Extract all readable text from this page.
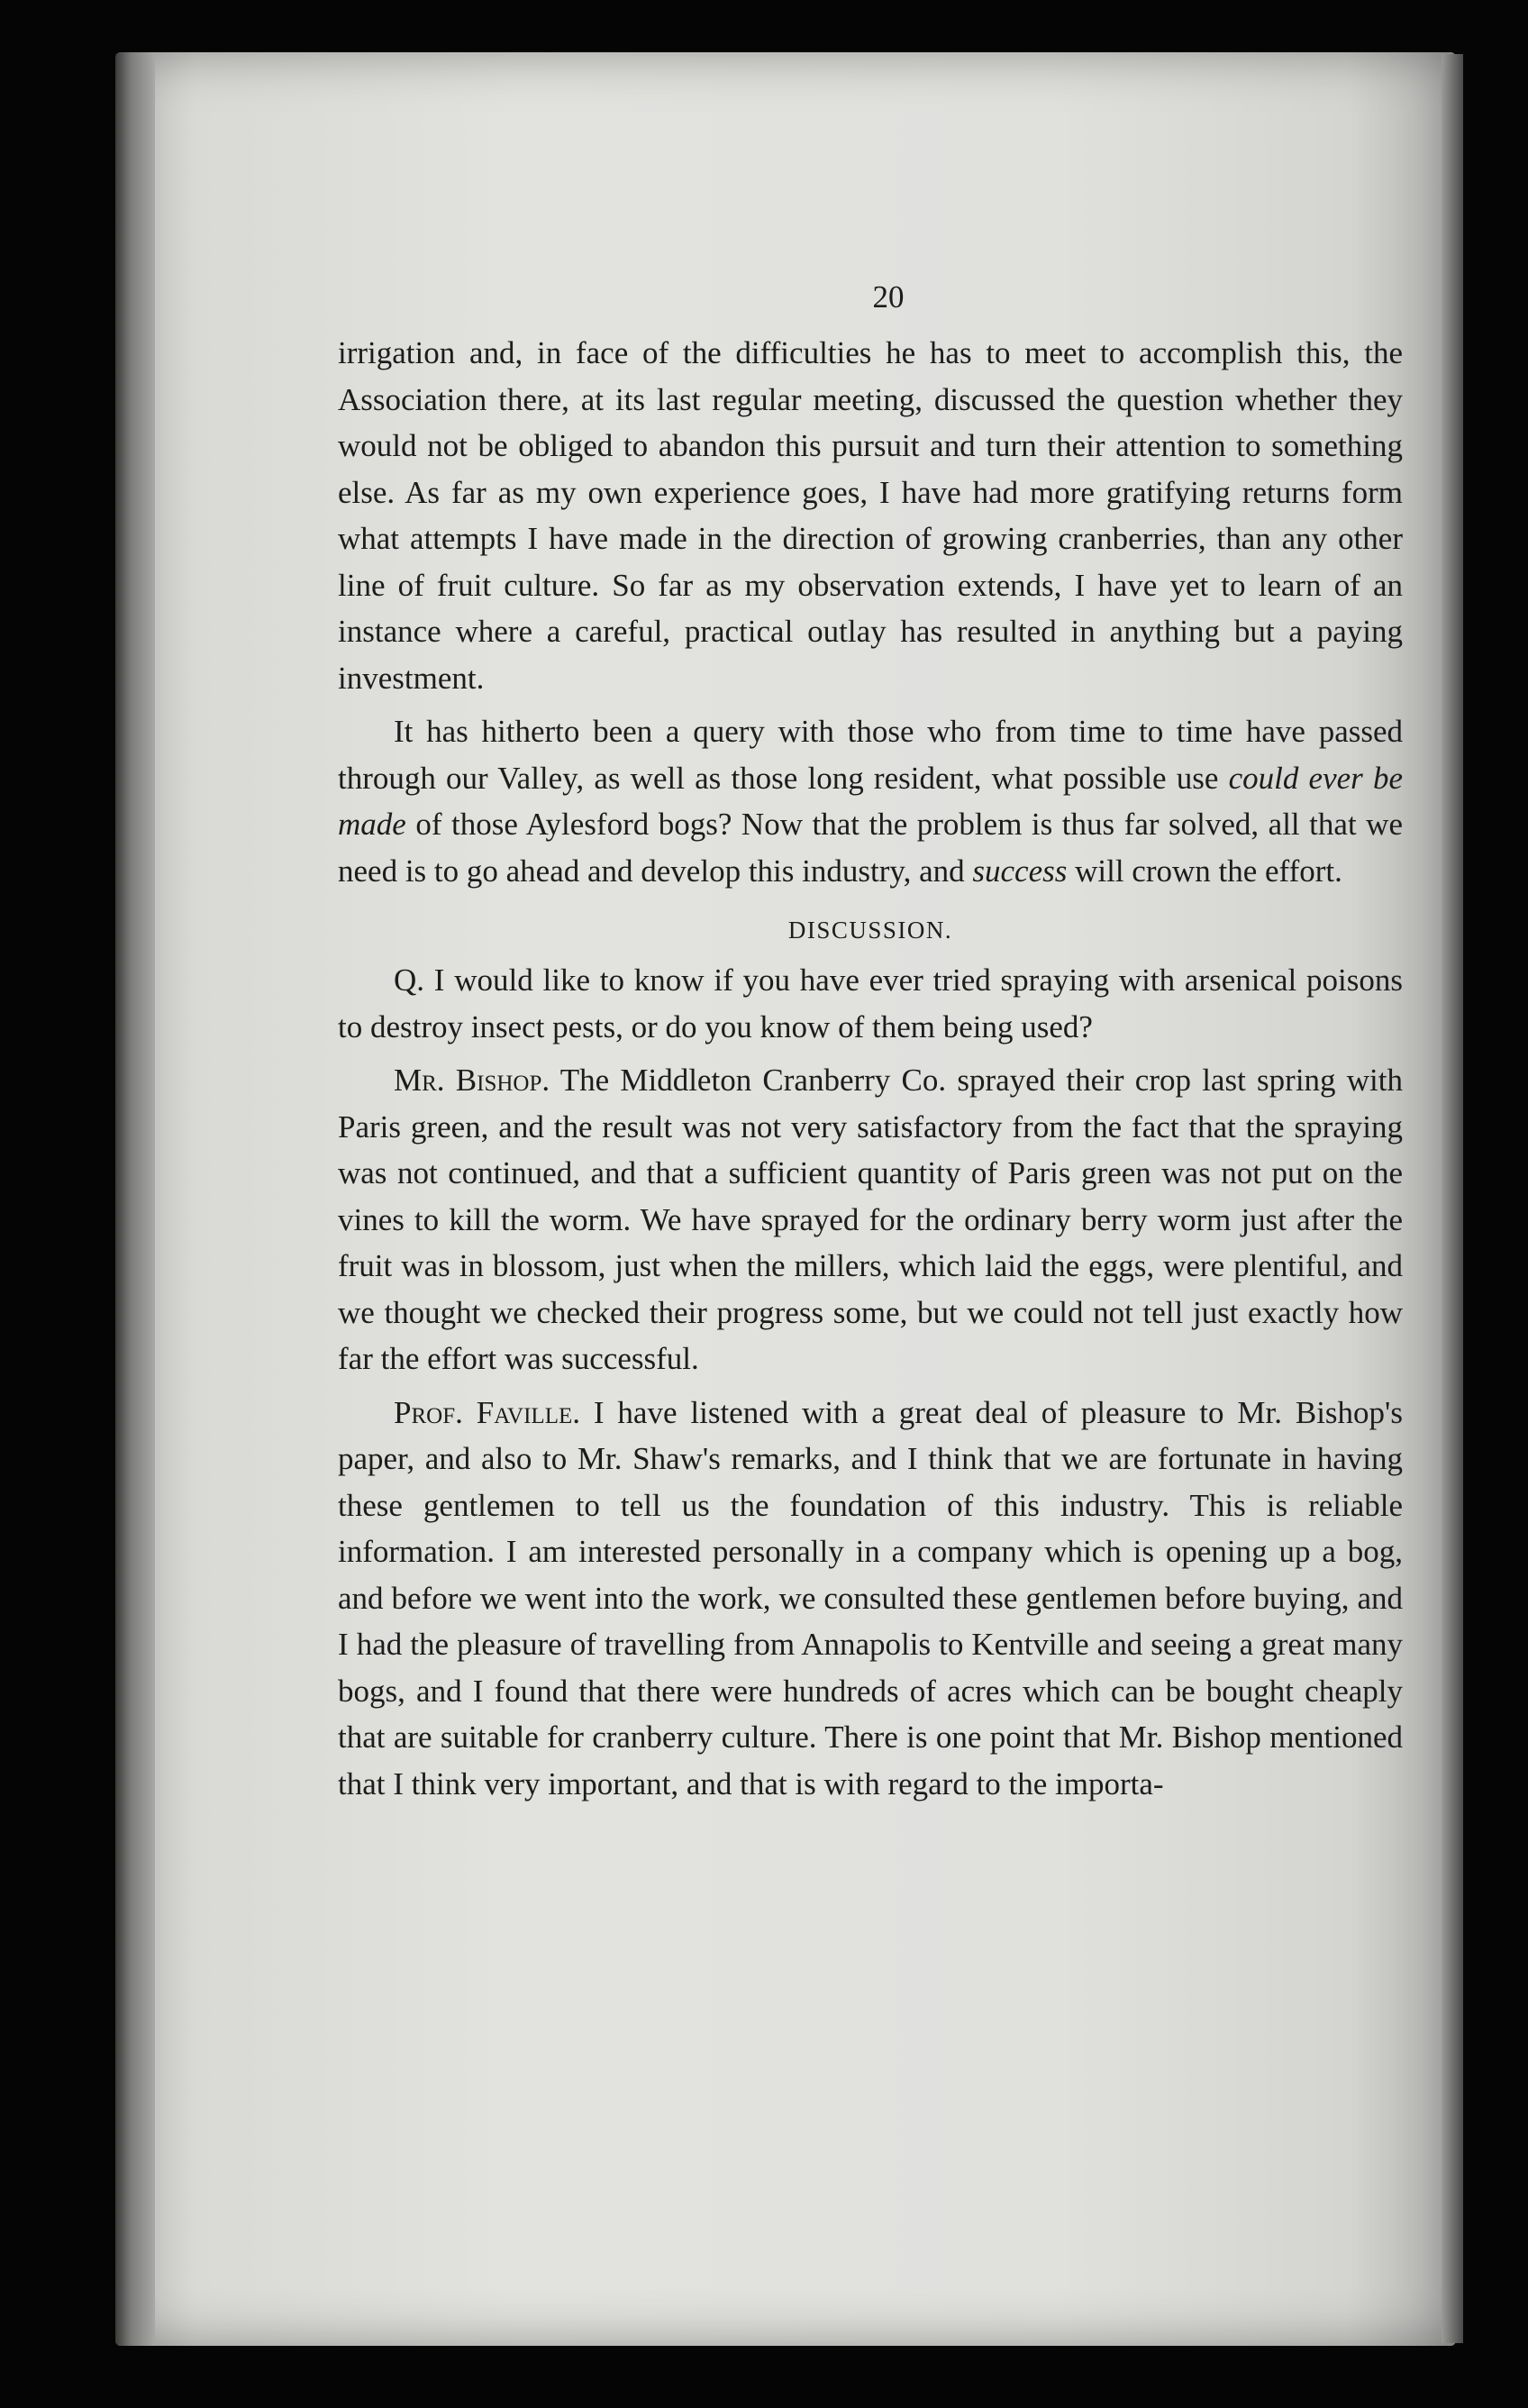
20

irrigation and, in face of the difficulties he has to meet to accomplish this, the Association there, at its last regular meeting, discussed the question whether they would not be obliged to abandon this pursuit and turn their attention to something else. As far as my own experience goes, I have had more gratifying returns form what attempts I have made in the direction of growing cranberries, than any other line of fruit culture. So far as my observation extends, I have yet to learn of an instance where a careful, practical outlay has resulted in anything but a paying investment.

It has hitherto been a query with those who from time to time have passed through our Valley, as well as those long resident, what possible use could ever be made of those Aylesford bogs? Now that the problem is thus far solved, all that we need is to go ahead and develop this industry, and success will crown the effort.

DISCUSSION.

Q. I would like to know if you have ever tried spraying with arsenical poisons to destroy insect pests, or do you know of them being used?

Mr. Bishop. The Middleton Cranberry Co. sprayed their crop last spring with Paris green, and the result was not very satisfactory from the fact that the spraying was not continued, and that a sufficient quantity of Paris green was not put on the vines to kill the worm. We have sprayed for the ordinary berry worm just after the fruit was in blossom, just when the millers, which laid the eggs, were plentiful, and we thought we checked their progress some, but we could not tell just exactly how far the effort was successful.

Prof. Faville. I have listened with a great deal of pleasure to Mr. Bishop's paper, and also to Mr. Shaw's remarks, and I think that we are fortunate in having these gentlemen to tell us the foundation of this industry. This is reliable information. I am interested personally in a company which is opening up a bog, and before we went into the work, we consulted these gentlemen before buying, and I had the pleasure of travelling from Annapolis to Kentville and seeing a great many bogs, and I found that there were hundreds of acres which can be bought cheaply that are suitable for cranberry culture. There is one point that Mr. Bishop mentioned that I think very important, and that is with regard to the importa-
